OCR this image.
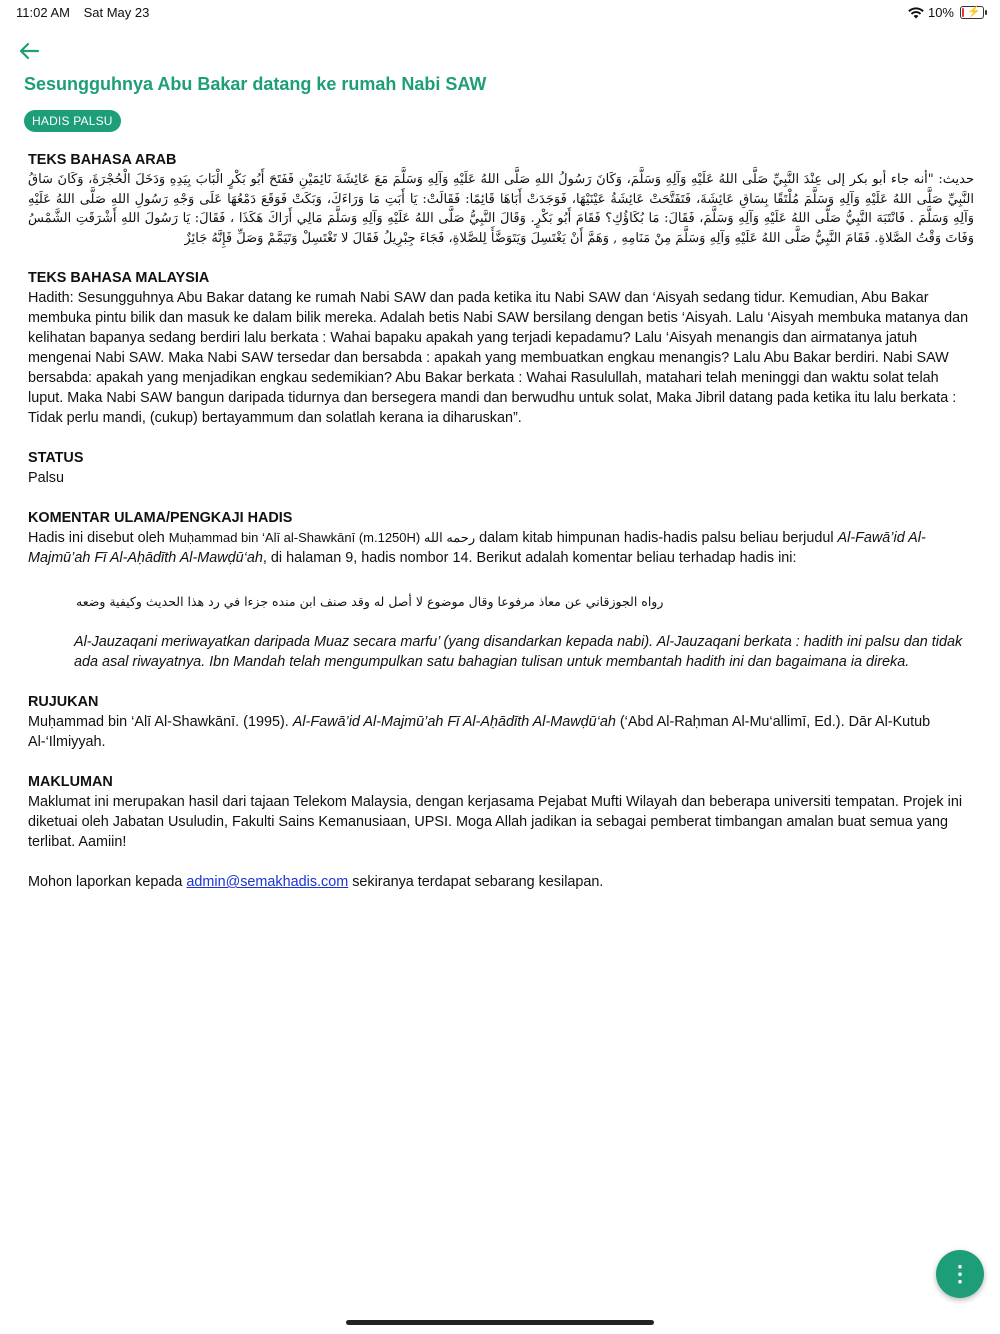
11:02 AM Sat May 23	10% ⚡
Sesungguhnya Abu Bakar datang ke rumah Nabi SAW
HADIS PALSU

TEKS BAHASA ARAB

حديث: "أنه جاء أبو بكر إلى عِنْدَ النَّبِيِّ صَلَّى اللهُ عَلَيْهِ وَآلِهِ وَسَلَّمَ، وَكَانَ رَسُولُ اللهِ صَلَّى اللهُ عَلَيْهِ وَآلِهِ وَسَلَّمَ مَعَ عَائِشَةَ نَائِمَيْنِ فَفَتَحَ أَبُو بَكْرٍ الْبَابَ بِيَدِهِ وَدَخَلَ الْحُجْرَةَ، وَكَانَ سَاقُ النَّبِيِّ صَلَّى اللهُ عَلَيْهِ وَآلِهِ وَسَلَّمَ مُلْتَقًا بِسَاقِ عَائِشَةَ، فَتَفَتَّحَتْ عَائِشَةُ عَيْنَيْهَا، فَوَجَدَتْ أَبَاهَا قَائِمًا: فَقَالَتْ: يَا أَبَتِ مَا وَرَاءَكَ، وَبَكَتْ فَوَقَعَ دَمْعُهَا عَلَى وَجْهِ رَسُولِ اللهِ صَلَّى اللهُ عَلَيْهِ وَآلِهِ وَسَلَّمَ . فَانْتَبَهَ النَّبِيُّ صَلَّى اللهُ عَلَيْهِ وَآلِهِ وَسَلَّمَ، فَقَالَ: مَا بُكَاؤُكِ؟ فَقَامَ أَبُو بَكْرٍ. وَقَالَ النَّبِيُّ صَلَّى اللهُ عَلَيْهِ وَآلِهِ وَسَلَّمَ مَالِي أَرَاكَ هَكَذَا ، فَقَالَ: يَا رَسُولَ اللهِ أَشْرَقَتِ الشَّمْسُ وَفَاتَ وَقْتُ الصَّلاةِ. فَقَامَ النَّبِيُّ صَلَّى اللهُ عَلَيْهِ وَآلِهِ وَسَلَّمَ مِنْ مَنَامِهِ , وَهَمَّ أَنْ يَغْتَسِلَ وَيَتَوَضَّأَ لِلصَّلاةِ، فَجَاءَ جِبْرِيلُ فَقَالَ لا تَغْتَسِلْ وَتَيَمَّمْ وَصَلِّ فَإِنَّهُ جَائِزٌ

TEKS BAHASA MALAYSIA

Hadith: Sesungguhnya Abu Bakar datang ke rumah Nabi SAW dan pada ketika itu Nabi SAW dan ‘Aisyah sedang tidur. Kemudian, Abu Bakar membuka pintu bilik dan masuk ke dalam bilik mereka. Adalah betis Nabi SAW bersilang dengan betis ‘Aisyah. Lalu ‘Aisyah membuka matanya dan kelihatan bapanya sedang berdiri lalu berkata : Wahai bapaku apakah yang terjadi kepadamu? Lalu ‘Aisyah menangis dan airmatanya jatuh mengenai Nabi SAW. Maka Nabi SAW tersedar dan bersabda : apakah yang membuatkan engkau menangis? Lalu Abu Bakar berdiri. Nabi SAW bersabda: apakah yang menjadikan engkau sedemikian? Abu Bakar berkata : Wahai Rasulullah, matahari telah meninggi dan waktu solat telah luput. Maka Nabi SAW bangun daripada tidurnya dan bersegera mandi dan berwudhu untuk solat, Maka Jibril datang pada ketika itu lalu berkata : Tidak perlu mandi, (cukup) bertayammum dan solatlah kerana ia diharuskan”.

STATUS

Palsu

KOMENTAR ULAMA/PENGKAJI HADIS

Hadis ini disebut oleh Muḥammad bin ‘Alī al-Shawkānī (m.1250H) رحمه الله dalam kitab himpunan hadis-hadis palsu beliau berjudul Al-Fawā’id Al-Majmū’ah Fī Al-Aḥādīth Al-Mawḍū‘ah, di halaman 9, hadis nombor 14. Berikut adalah komentar beliau terhadap hadis ini:

رواه الجوزقاني عن معاذ مرفوعا وقال موضوع لا أصل له وقد صنف ابن منده جزءا في رد هذا الحديث وكيفية وضعه

Al-Jauzaqani meriwayatkan daripada Muaz secara marfu’ (yang disandarkan kepada nabi). Al-Jauzaqani berkata : hadith ini palsu dan tidak ada asal riwayatnya. Ibn Mandah telah mengumpulkan satu bahagian tulisan untuk membantah hadith ini dan bagaimana ia direka.

RUJUKAN

Muḥammad bin ‘Alī Al-Shawkānī. (1995). Al-Fawā’id Al-Majmū’ah Fī Al-Aḥādīth Al-Mawḍū‘ah (‘Abd Al-Raḥman Al-Mu‘allimī, Ed.). Dār Al-Kutub Al-‘Ilmiyyah.

MAKLUMAN

Maklumat ini merupakan hasil dari tajaan Telekom Malaysia, dengan kerjasama Pejabat Mufti Wilayah dan beberapa universiti tempatan. Projek ini diketuai oleh Jabatan Usuludin, Fakulti Sains Kemanusiaan, UPSI. Moga Allah jadikan ia sebagai pemberat timbangan amalan buat semua yang terlibat. Aamiin!

Mohon laporkan kepada admin@semakhadis.com sekiranya terdapat sebarang kesilapan.

⋮
